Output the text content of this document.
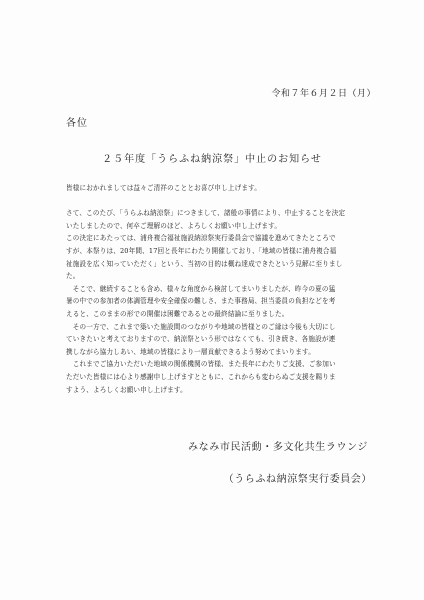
令和７年６月２日（月）
各位
２５年度「うらふね納涼祭」中止のお知らせ

皆様におかれましては益々ご清祥のこととお喜び申し上げます。

さて、このたび、「うらふね納涼祭」につきまして、諸般の事情により、中止することを決定

いたしましたので、何卒ご理解のほど、よろしくお願い申し上げます。

この決定にあたっては、浦舟複合福祉施設納涼祭実行委員会で協議を進めてきたところで

すが、本祭りは、20年間、17回と長年にわたり開催しており、「地域の皆様に浦舟複合福

祉施設を広く知っていただく」という、当初の目的は概ね達成できたという見解に至りまし

た。

　そこで、継続することも含め、様々な角度から検討してまいりましたが、昨今の夏の猛

暑の中での参加者の体調管理や安全確保の難しさ、また事務局、担当委員の負担などを考

えると、このままの形での開催は困難であるとの最終結論に至りました。

　その一方で、これまで築いた施設間のつながりや地域の皆様とのご縁は今後も大切にし

ていきたいと考えておりますので、納涼祭という形ではなくても、引き続き、各施設が連

携しながら協力しあい、地域の皆様により一層貢献できるよう努めてまいります。

　これまでご協力いただいた地域の関係機関の皆様、また長年にわたりご支援、ご参加い

ただいた皆様には心より感謝申し上げますとともに、これからも変わらぬご支援を賜りま

すよう、よろしくお願い申し上げます。

みなみ市民活動・多文化共生ラウンジ
（うらふね納涼祭実行委員会）
